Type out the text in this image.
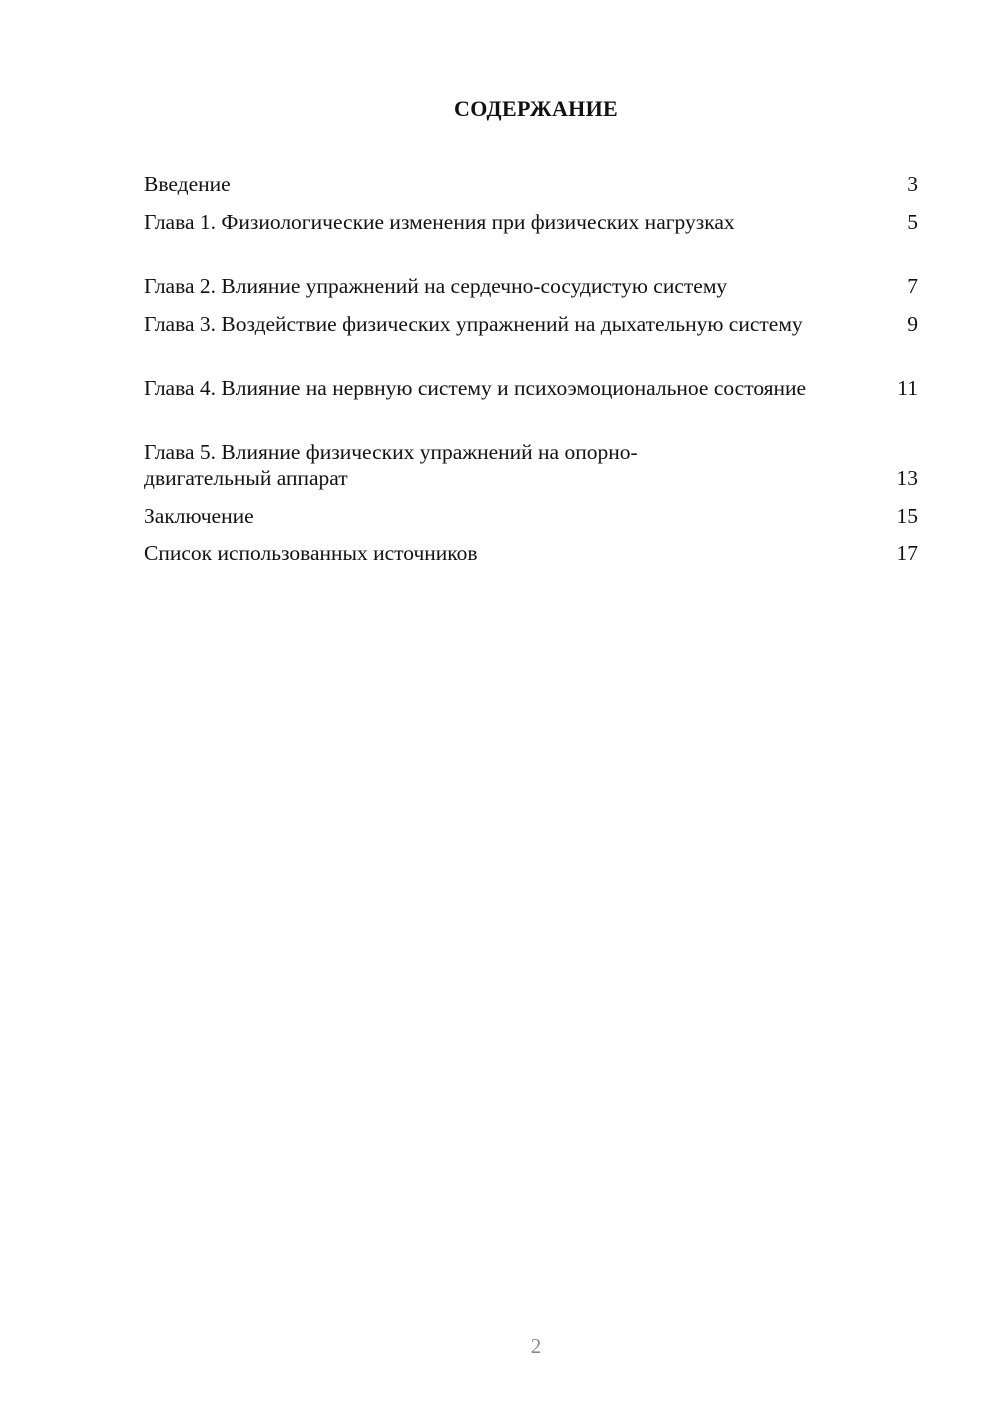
СОДЕРЖАНИЕ
Введение	3
Глава 1. Физиологические изменения при физических нагрузках	5
Глава 2. Влияние упражнений на сердечно-сосудистую систему	7
Глава 3. Воздействие физических упражнений на дыхательную систему	9
Глава 4. Влияние на нервную систему и психоэмоциональное состояние	11
Глава 5. Влияние физических упражнений на опорно-двигательный аппарат	13
Заключение	15
Список использованных источников	17
2
